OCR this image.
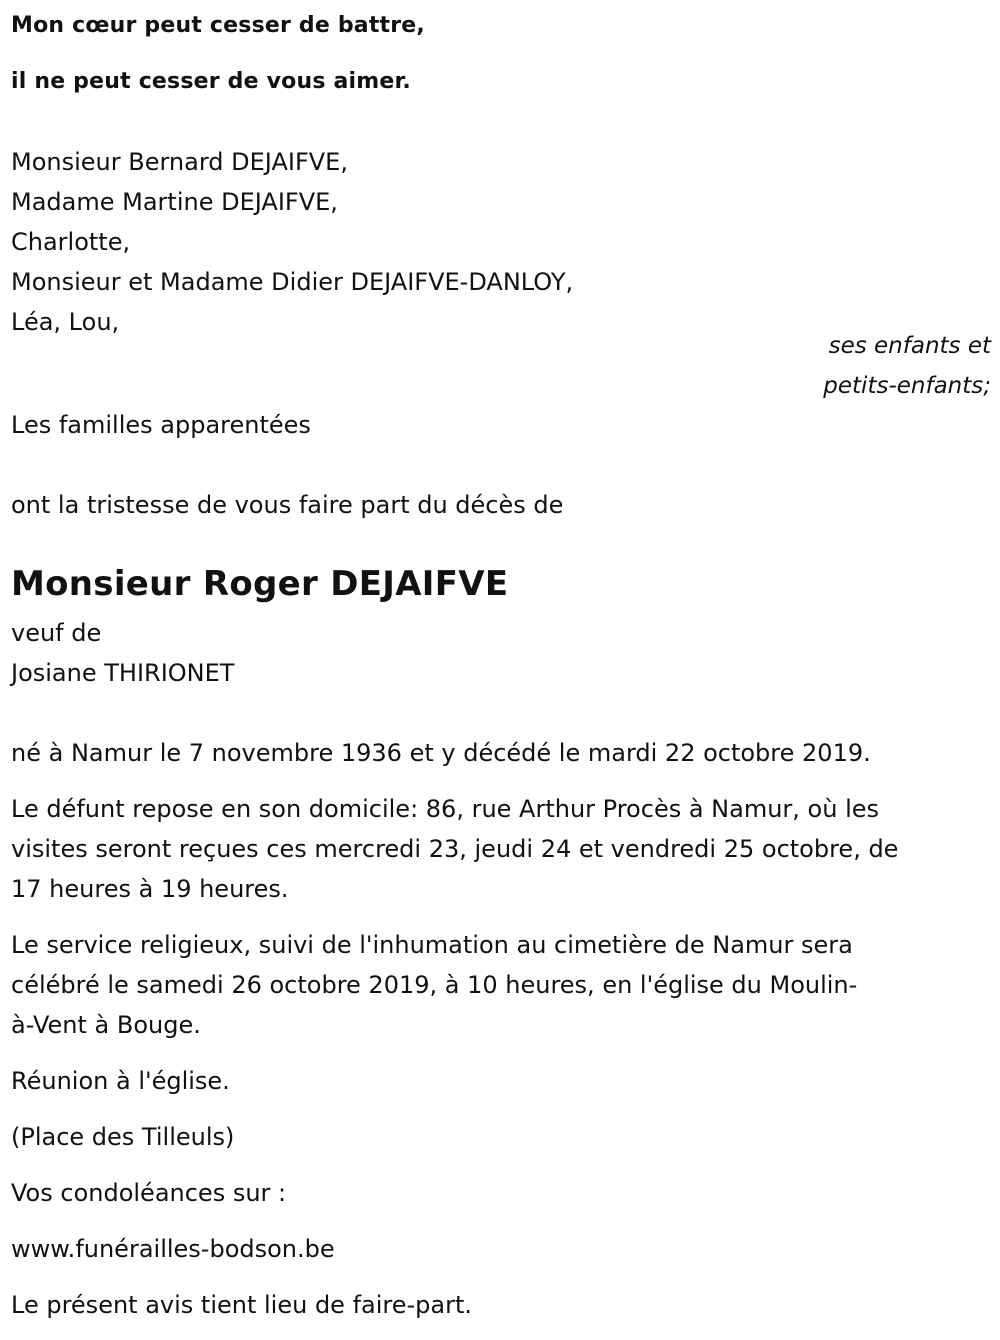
Mon cœur peut cesser de battre,
il ne peut cesser de vous aimer.
Monsieur Bernard DEJAIFVE,
Madame Martine DEJAIFVE,
Charlotte,
Monsieur et Madame Didier DEJAIFVE-DANLOY,
Léa, Lou,
ses enfants et
petits-enfants;
Les familles apparentées
ont la tristesse de vous faire part du décès de
Monsieur Roger DEJAIFVE
veuf de
Josiane THIRIONET
né à Namur le 7 novembre 1936 et y décédé le mardi 22 octobre 2019.
Le défunt repose en son domicile: 86, rue Arthur Procès à Namur, où les
visites seront reçues ces mercredi 23, jeudi 24 et vendredi 25 octobre, de
17 heures à 19 heures.
Le service religieux, suivi de l'inhumation au cimetière de Namur sera
célébré le samedi 26 octobre 2019, à 10 heures, en l'église du Moulin-
à-Vent à Bouge.
Réunion à l'église.
(Place des Tilleuls)
Vos condoléances sur :
www.funérailles-bodson.be
Le présent avis tient lieu de faire-part.
